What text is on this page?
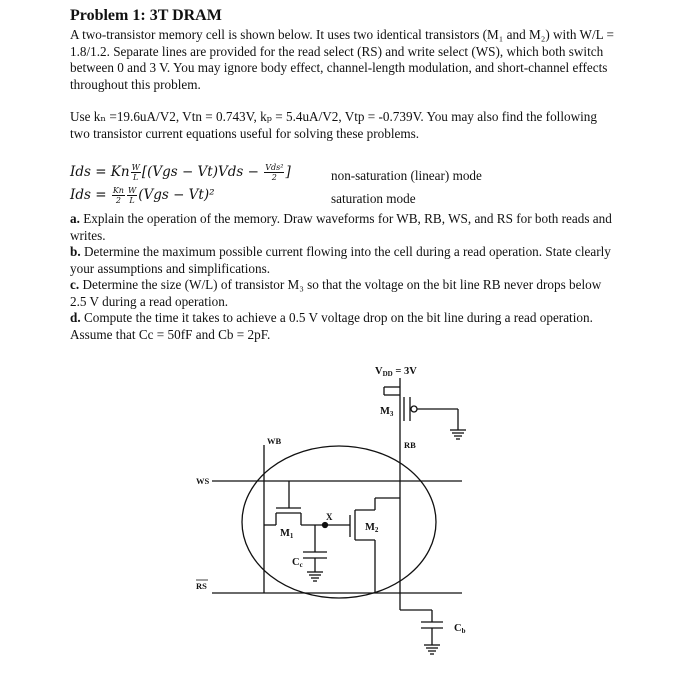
Problem 1: 3T DRAM
A two-transistor memory cell is shown below. It uses two identical transistors (M₁ and M₂) with W/L = 1.8/1.2. Separate lines are provided for the read select (RS) and write select (WS), which both switch between 0 and 3 V. You may ignore body effect, channel-length modulation, and short-channel effects throughout this problem.
Use kₙ =19.6uA/V2, Vtn = 0.743V, kₚ = 5.4uA/V2, Vtp = -0.739V. You may also find the following two transistor current equations useful for solving these problems.
Ids = Kn $\frac{W}{L} [(Vgs - Vt)Vds - \frac{\text{Vds²}}{2}$ ]	non-saturation (linear) mode
Ids = $\frac{Kn}{2} \frac{W}{L} (Vgs - Vt)^2$	saturation mode
a. Explain the operation of the memory. Draw waveforms for WB, RB, WS, and RS for both reads and writes.
b. Determine the maximum possible current flowing into the cell during a read operation. State clearly your assumptions and simplifications.
c. Determine the size (W/L) of transistor M₃ so that the voltage on the bit line RB never drops below 2.5 V during a read operation.
d. Compute the time it takes to achieve a 0.5 V voltage drop on the bit line during a read operation. Assume that Cc = 50fF and Cb = 2pF.
VDD = 3V
M3
WB	RB
WS
RS
M1
M2
X
Cc
Cb
